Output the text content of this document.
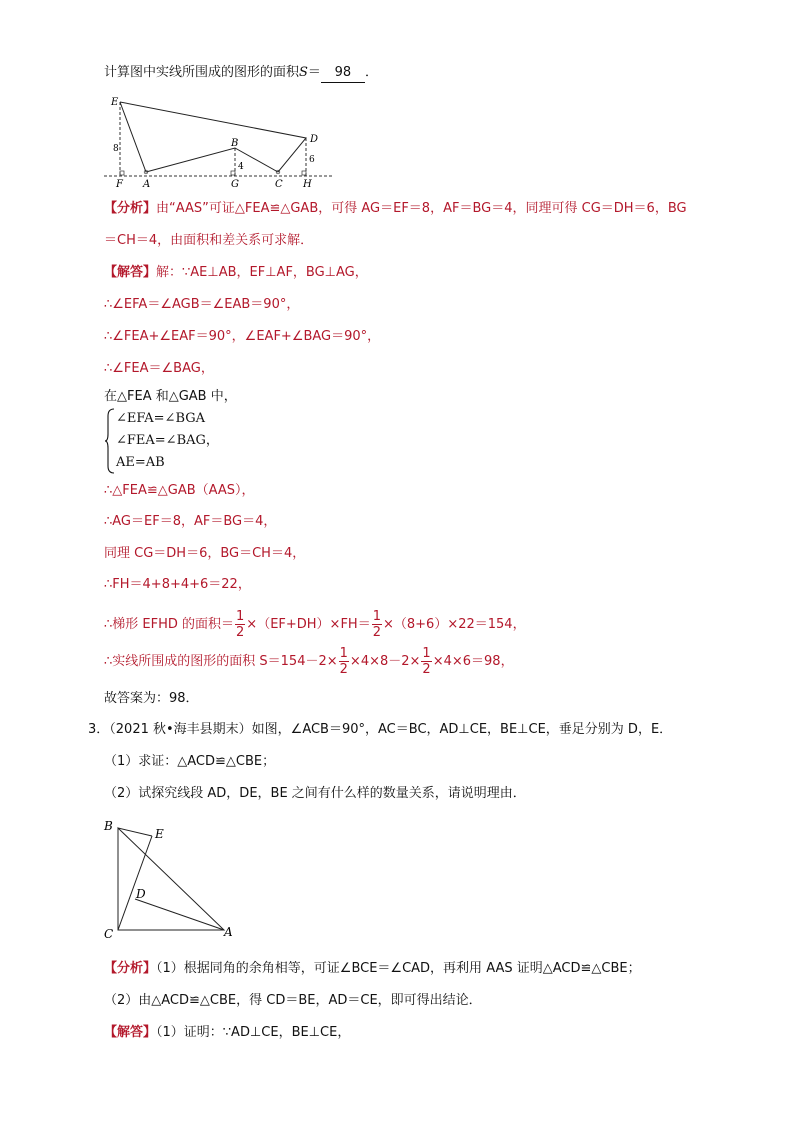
计算图中实线所围成的图形的面积S＝ 98 ．
E
D
B
F A	G	C H
8
4
6
【分析】由“AAS”可证△FEA≌△GAB，可得 AG＝EF＝8，AF＝BG＝4，同理可得 CG＝DH＝6，BG
＝CH＝4，由面积和差关系可求解．
【解答】解：∵AE⊥AB，EF⊥AF，BG⊥AG，
∴∠EFA＝∠AGB＝∠EAB＝90°，
∴∠FEA+∠EAF＝90°，∠EAF+∠BAG＝90°，
∴∠FEA＝∠BAG，
在△FEA 和△GAB 中，
∠EFA=∠BGA
∠FEA=∠BAG，
AE=AB
∴△FEA≌△GAB（AAS），
∴AG＝EF＝8，AF＝BG＝4，
同理 CG＝DH＝6，BG＝CH＝4，
∴FH＝4+8+4+6＝22，
∴梯形 EFHD 的面积＝ $\frac{1}{2} \times(EF+DH)\times FH= \frac{1}{2} \times(8+6)\times 22=154$，
∴实线所围成的图形的面积 $S=154-2\times \frac{1}{2} \times 4\times 8-2\times \frac{1}{2} \times 4\times 6=98$，
故答案为：98．
3．（2021 秋•海丰县期末）如图，∠ACB＝90°，AC＝BC，AD⊥CE，BE⊥CE，垂足分别为 D，E．
（1）求证：△ACD≌△CBE；
（2）试探究线段 AD，DE，BE 之间有什么样的数量关系，请说明理由．
B
E
D
C	A
【分析】（1）根据同角的余角相等，可证∠BCE＝∠CAD，再利用 AAS 证明△ACD≌△CBE；
（2）由△ACD≌△CBE，得 CD＝BE，AD＝CE，即可得出结论．
【解答】（1）证明：∵AD⊥CE，BE⊥CE，
